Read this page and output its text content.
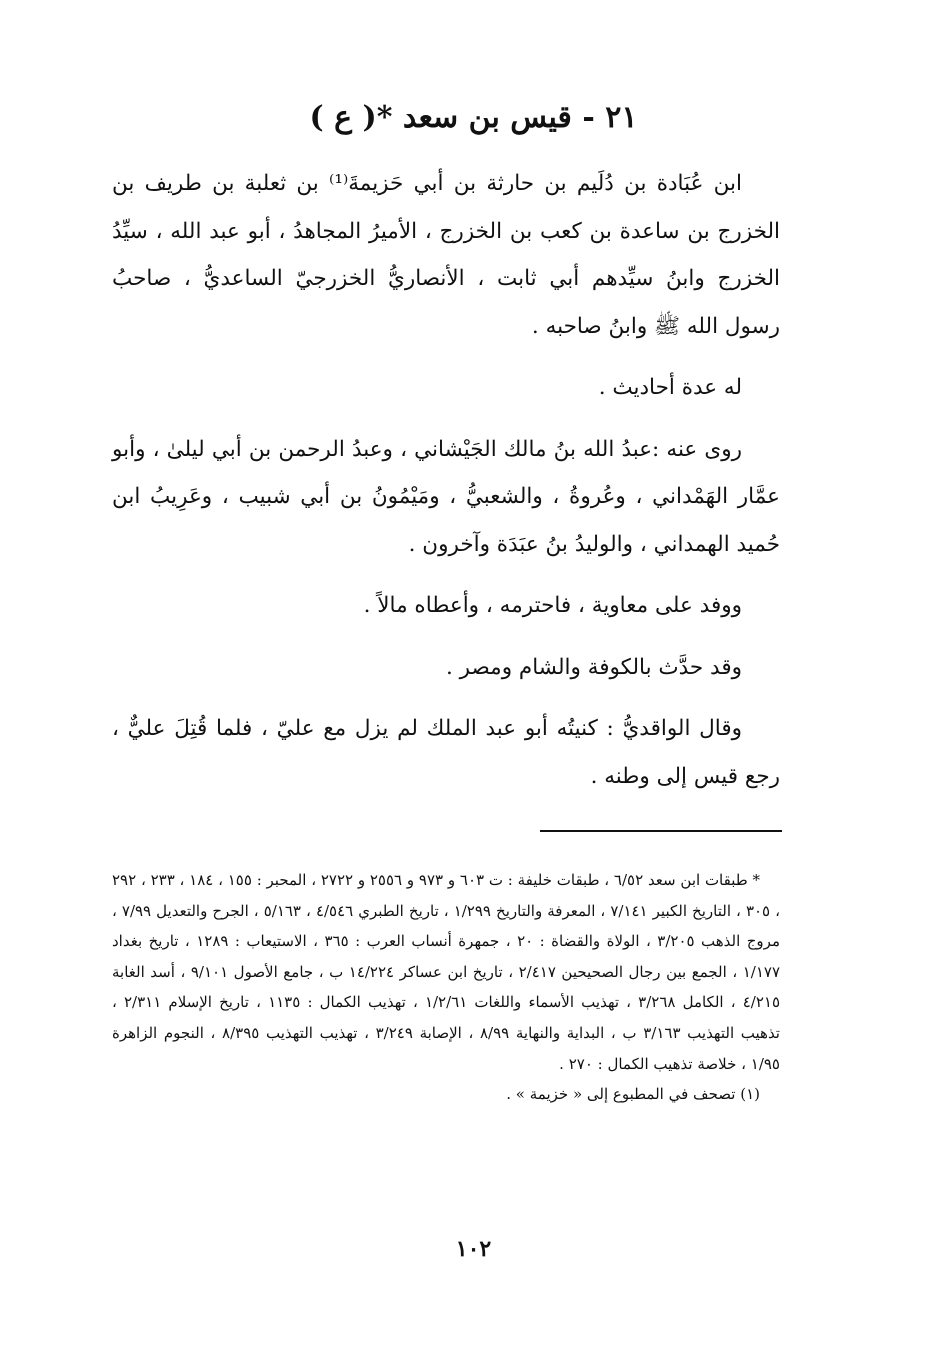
٢١ - قيس بن سعد *( ع )

ابن عُبَادة بن دُلَيم بن حارثة بن أبي حَزيمةَ⁽¹⁾ بن ثعلبة بن طريف بن الخزرج بن ساعدة بن كعب بن الخزرج ، الأميرُ المجاهدُ ، أبو عبد الله ، سيِّدُ الخزرج وابنُ سيِّدهم أبي ثابت ، الأنصاريُّ الخزرجيّ الساعديُّ ، صاحبُ رسول الله ﷺ وابنُ صاحبه .

له عدة أحاديث .

روى عنه :عبدُ الله بنُ مالك الجَيْشاني ، وعبدُ الرحمن بن أبي ليلىٰ ، وأبو عمَّار الهَمْداني ، وعُروةُ ، والشعبيُّ ، ومَيْمُونُ بن أبي شبيب ، وعَرِيبُ ابن حُميد الهمداني ، والوليدُ بنُ عبَدَة وآخرون .

ووفد على معاوية ، فاحترمه ، وأعطاه مالاً .

وقد حدَّث بالكوفة والشام ومصر .

وقال الواقديُّ : كنيتُه أبو عبد الملك لم يزل مع عليّ ، فلما قُتِلَ عليٌّ ، رجع قيس إلى وطنه .

* طبقات ابن سعد ٦/٥٢ ، طبقات خليفة : ت ٦٠٣ و ٩٧٣ و ٢٥٥٦ و ٢٧٢٢ ، المحبر : ١٥٥ ، ١٨٤ ، ٢٣٣ ، ٢٩٢ ، ٣٠٥ ، التاريخ الكبير ٧/١٤١ ، المعرفة والتاريخ ١/٢٩٩ ، تاريخ الطبري ٤/٥٤٦ ، ٥/١٦٣ ، الجرح والتعديل ٧/٩٩ ، مروج الذهب ٣/٢٠٥ ، الولاة والقضاة : ٢٠ ، جمهرة أنساب العرب : ٣٦٥ ، الاستيعاب : ١٢٨٩ ، تاريخ بغداد ١/١٧٧ ، الجمع بين رجال الصحيحين ٢/٤١٧ ، تاريخ ابن عساكر ١٤/٢٢٤ ب ، جامع الأصول ٩/١٠١ ، أسد الغابة ٤/٢١٥ ، الكامل ٣/٢٦٨ ، تهذيب الأسماء واللغات ١/٢/٦١ ، تهذيب الكمال : ١١٣٥ ، تاريخ الإسلام ٢/٣١١ ، تذهيب التهذيب ٣/١٦٣ ب ، البداية والنهاية ٨/٩٩ ، الإصابة ٣/٢٤٩ ، تهذيب التهذيب ٨/٣٩٥ ، النجوم الزاهرة ١/٩٥ ، خلاصة تذهيب الكمال : ٢٧٠ .

(١) تصحف في المطبوع إلى « خزيمة » .

١٠٢
